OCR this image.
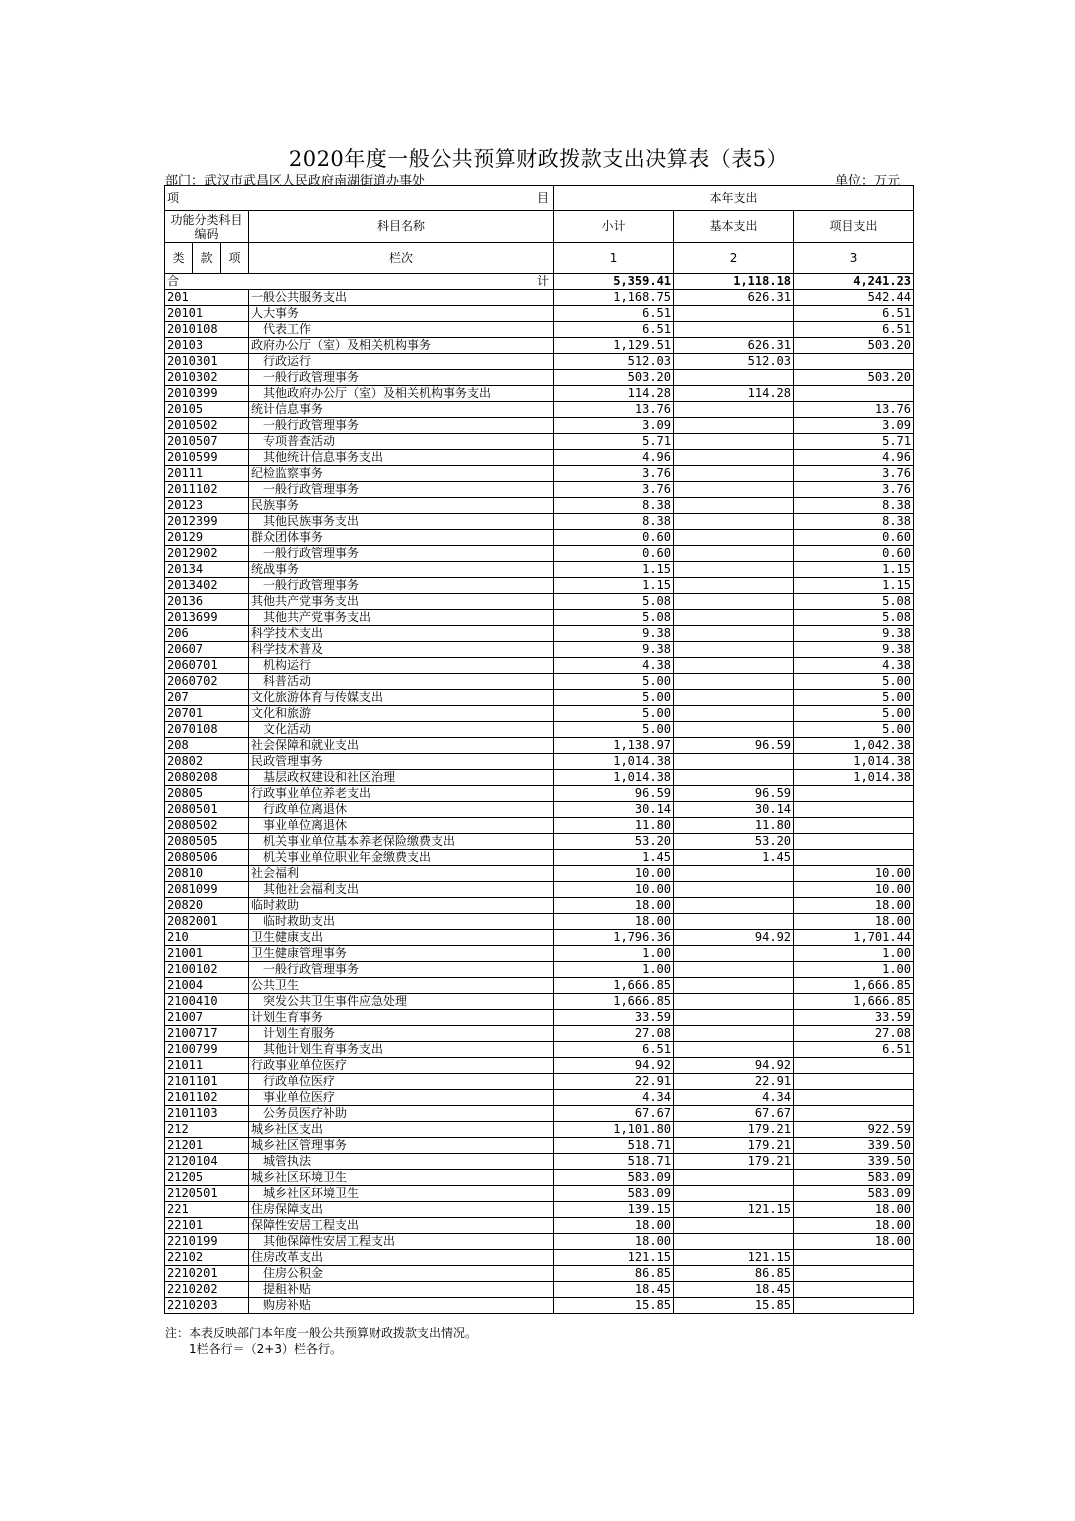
2020年度一般公共预算财政拨款支出决算表（表5）
部门：武汉市武昌区人民政府南湖街道办事处	单位：万元
项 目		本年支出		
功能分类科目编码	科目名称	小计	基本支出	项目支出

类 款 项				

	栏次	1	2	3
合 计		5,359.41	1,118.18	4,241.23
201	一般公共服务支出	1,168.75	626.31	542.44
20101	人大事务	6.51		6.51
2010108	　代表工作	6.51		6.51
20103	政府办公厅（室）及相关机构事务	1,129.51	626.31	503.20
2010301	　行政运行	512.03	512.03	
2010302	　一般行政管理事务	503.20		503.20
2010399	　其他政府办公厅（室）及相关机构事务支出	114.28	114.28	
20105	统计信息事务	13.76		13.76
2010502	　一般行政管理事务	3.09		3.09
2010507	　专项普查活动	5.71		5.71
2010599	　其他统计信息事务支出	4.96		4.96
20111	纪检监察事务	3.76		3.76
2011102	　一般行政管理事务	3.76		3.76
20123	民族事务	8.38		8.38
2012399	　其他民族事务支出	8.38		8.38
20129	群众团体事务	0.60		0.60
2012902	　一般行政管理事务	0.60		0.60
20134	统战事务	1.15		1.15
2013402	　一般行政管理事务	1.15		1.15
20136	其他共产党事务支出	5.08		5.08
2013699	　其他共产党事务支出	5.08		5.08
206	科学技术支出	9.38		9.38
20607	科学技术普及	9.38		9.38
2060701	　机构运行	4.38		4.38
2060702	　科普活动	5.00		5.00
207	文化旅游体育与传媒支出	5.00		5.00
20701	文化和旅游	5.00		5.00
2070108	　文化活动	5.00		5.00
208	社会保障和就业支出	1,138.97	96.59	1,042.38
20802	民政管理事务	1,014.38		1,014.38
2080208	　基层政权建设和社区治理	1,014.38		1,014.38
20805	行政事业单位养老支出	96.59	96.59	
2080501	　行政单位离退休	30.14	30.14	
2080502	　事业单位离退休	11.80	11.80	
2080505	　机关事业单位基本养老保险缴费支出	53.20	53.20	
2080506	　机关事业单位职业年金缴费支出	1.45	1.45	
20810	社会福利	10.00		10.00
2081099	　其他社会福利支出	10.00		10.00
20820	临时救助	18.00		18.00
2082001	　临时救助支出	18.00		18.00
210	卫生健康支出	1,796.36	94.92	1,701.44
21001	卫生健康管理事务	1.00		1.00
2100102	　一般行政管理事务	1.00		1.00
21004	公共卫生	1,666.85		1,666.85
2100410	　突发公共卫生事件应急处理	1,666.85		1,666.85
21007	计划生育事务	33.59		33.59
2100717	　计划生育服务	27.08		27.08
2100799	　其他计划生育事务支出	6.51		6.51
21011	行政事业单位医疗	94.92	94.92	
2101101	　行政单位医疗	22.91	22.91	
2101102	　事业单位医疗	4.34	4.34	
2101103	　公务员医疗补助	67.67	67.67	
212	城乡社区支出	1,101.80	179.21	922.59
21201	城乡社区管理事务	518.71	179.21	339.50
2120104	　城管执法	518.71	179.21	339.50
21205	城乡社区环境卫生	583.09		583.09
2120501	　城乡社区环境卫生	583.09		583.09
221	住房保障支出	139.15	121.15	18.00
22101	保障性安居工程支出	18.00		18.00
2210199	　其他保障性安居工程支出	18.00		18.00
22102	住房改革支出	121.15	121.15	
2210201	　住房公积金	86.85	86.85	
2210202	　提租补贴	18.45	18.45	
2210203	　购房补贴	15.85	15.85	
注：本表反映部门本年度一般公共预算财政拨款支出情况。
　　1栏各行＝（2+3）栏各行。
